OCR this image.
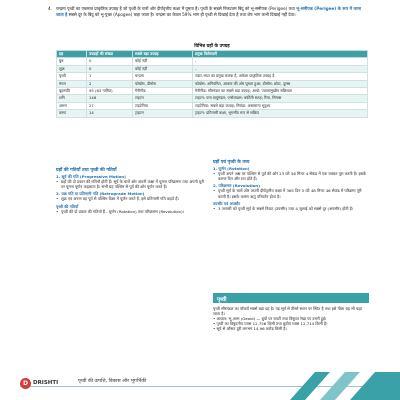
4. चन्द्रमा पृथ्वी का एकमात्र प्राकृतिक उपग्रह है जो पृथ्वी के चारों ओर दीर्घवृत्तीय कक्षा में घूमता है। पृथ्वी के सबसे निकटतम बिंदु को भू-समीपक (Perigee) तथा भू-समीपक (Perigee) के रूप में जाना जाता है सबसे दूर के बिंदु को भू-पुच्छ (Apogee) कहा जाता है। चन्द्रमा का केवल 59% भाग ही पृथ्वी से दिखाई देता है तथा शेष भाग कभी दिखाई नहीं देता।
विभिन्न ग्रहों के उपग्रह
ग्रह	उपग्रहों की संख्या	सबसे बड़ा उपग्रह	प्रमुख विशेषताएँ
बुध	0	कोई नहीं	-
शुक्र	0	कोई नहीं	-
पृथ्वी	1	चन्द्रमा	ज्वार-भाटा का प्रमुख कारक है, अकेला प्राकृतिक उपग्रह है
मंगल	2	फोबोस, डीमोस	फोबोस: अनियमित, आकार की ओर घूमता हुआ; डीमोस: छोटा, दूरस्थ
बृहस्पति	95 (63 नामित)	गैनीमीड	गैनीमीड: सौरमंडल का सबसे बड़ा उपग्रह; आयो: ज्वालामुखीय सक्रियता
शनि	146	टाइटन	टाइटन: घना वायुमंडल; एन्सेलाडस: बर्फीली सतह; रिया, मिमास
अरुण	27	टाइटेनिया	टाइटेनिया: सबसे बड़ा उपग्रह; मिरांडा: असामान्य भूदृश्य
वरुण	14	ट्राइटन	ट्राइटन: प्रतिगामी कक्षा, भूगर्भीय रूप से सक्रिय
ग्रहों की गतियाँ तथा पृथ्वी की गतियाँ
1. सूर्य की गति (Progressive Motion)
• ग्रहों की दो प्रकार की गतियाँ होती हैं। सूर्य के चारों ओर अपनी कक्षा में घूमना परिक्रमण तथा अपनी धुरी पर घूमना घूर्णन कहलाता है। सभी ग्रह पश्चिम से पूर्व की ओर घूर्णन करते हैं।
2. वक्र गति या प्रतिगामी गति (Retrograde Motion)
• शुक्र एवं अरुण ग्रह पूर्व से पश्चिम दिशा में घूर्णन करते हैं, इसे प्रतिगामी गति कहते हैं।
पृथ्वी की गतियाँ
• पृथ्वी की दो प्रकार की गतियाँ हैं - घूर्णन (Rotation) तथा परिक्रमण (Revolution)।
ग्रहों एवं पृथ्वी के तथ्य
1. घूर्णन (Rotation)
• पृथ्वी अपने अक्ष पर पश्चिम से पूर्व की ओर 23 घंटे 56 मिनट 4 सेकंड में एक चक्कर पूरा करती है। इसके कारण दिन और रात होते हैं।
2. परिक्रमण (Revolution)
• पृथ्वी सूर्य के चारों ओर अपनी दीर्घवृत्तीय कक्षा में 365 दिन 5 घंटे 48 मिनट 46 सेकंड में परिक्रमा पूरी करती है। इसके कारण ऋतु परिवर्तन होता है।
उपसौर एवं अपसौर
• 3 जनवरी को पृथ्वी सूर्य के सबसे निकट (उपसौर) तथा 4 जुलाई को सबसे दूर (अपसौर) होती है।
पृथ्वी
पृथ्वी सौरमंडल का पाँचवाँ सबसे बड़ा ग्रह है। यह सूर्य से तीसरे स्थान पर स्थित है तथा इसे नीला ग्रह भी कहा जाता है।
• आकार: भू-आभ (Geoid) — ध्रुवों पर चपटी तथा विषुवत रेखा पर उभरी हुई।
• पृथ्वी का विषुवतीय व्यास 12,756 किमी तथा ध्रुवीय व्यास 12,714 किमी है।
• सूर्य से औसत दूरी लगभग 14.96 करोड़ किमी है।
D DRISHTI	पृथ्वी की उत्पत्ति, विकास और भूगर्भिकी
